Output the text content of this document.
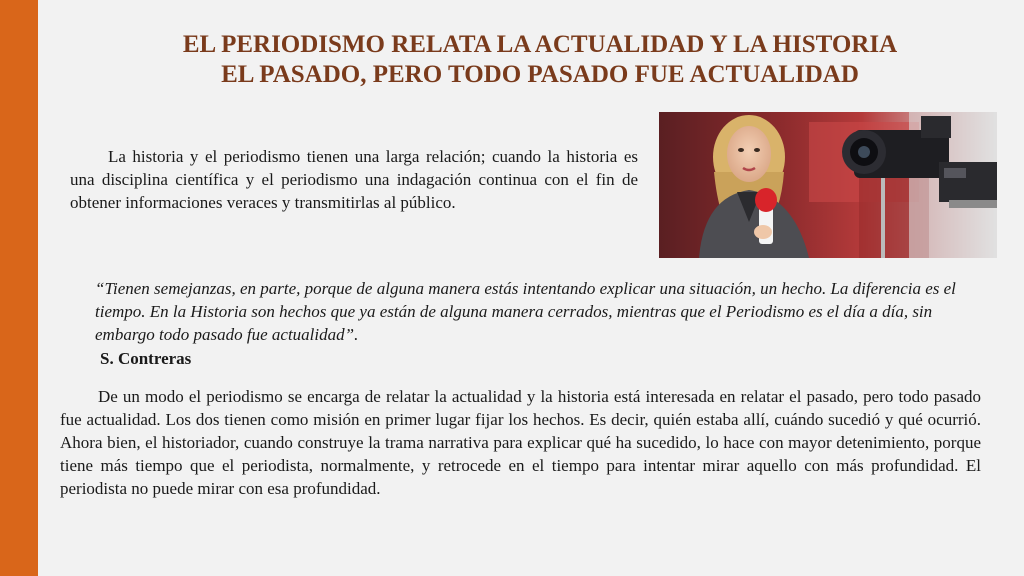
EL PERIODISMO RELATA LA ACTUALIDAD Y LA HISTORIA
EL PASADO, PERO TODO PASADO FUE ACTUALIDAD

La historia y el periodismo tienen una larga relación; cuando la historia es una disciplina científica y el periodismo una indagación continua con el fin de obtener informaciones veraces y transmitirlas al público.

“Tienen semejanzas, en parte, porque de alguna manera estás intentando explicar una situación, un hecho. La diferencia es el tiempo. En la Historia son hechos que ya están de alguna manera cerrados, mientras que el Periodismo es el día a día, sin embargo todo pasado fue actualidad”.

S. Contreras

De un modo el periodismo se encarga de relatar la actualidad y la historia está interesada en relatar el pasado, pero todo pasado fue actualidad. Los dos tienen como misión en primer lugar fijar los hechos. Es decir, quién estaba allí, cuándo sucedió y qué ocurrió. Ahora bien, el historiador, cuando construye la trama narrativa para explicar qué ha sucedido, lo hace con mayor detenimiento, porque tiene más tiempo que el periodista, normalmente, y retrocede en el tiempo para intentar mirar aquello con más profundidad. El periodista no puede mirar con esa profundidad.
